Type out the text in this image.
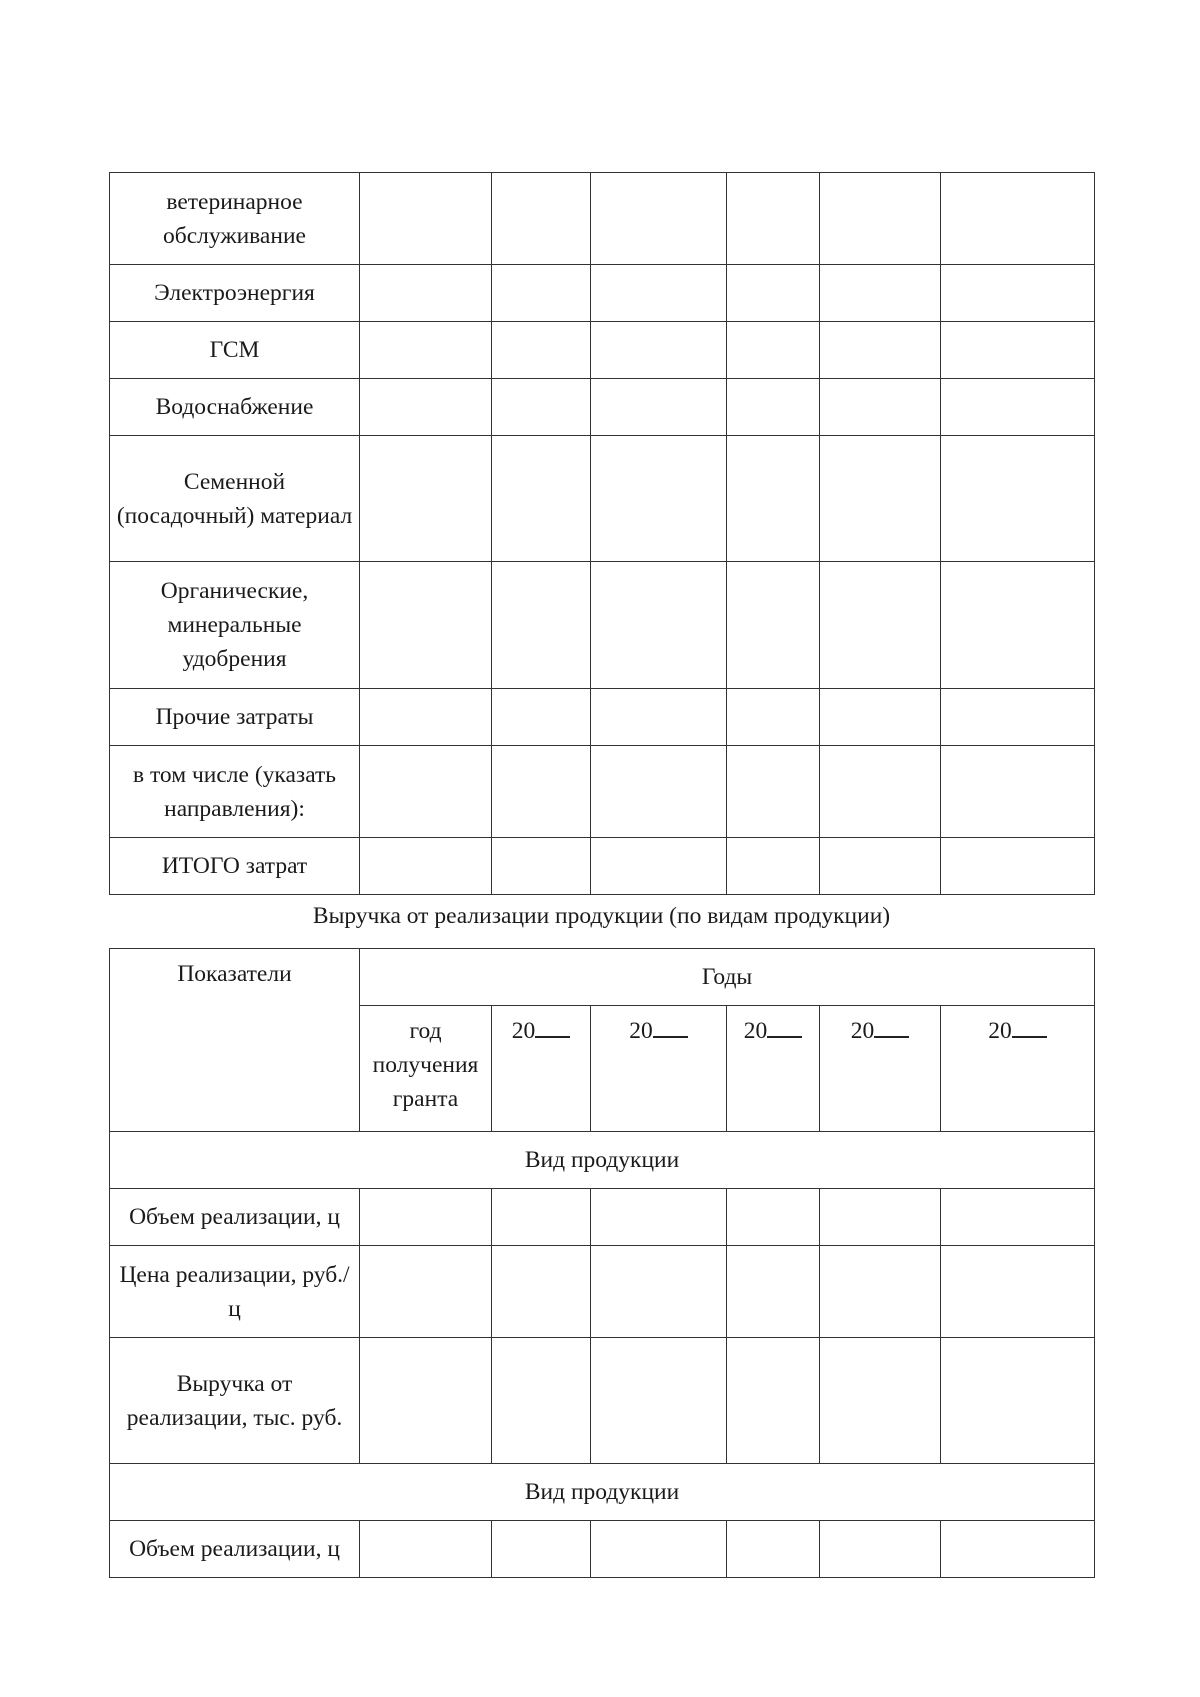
ветеринарное обслуживание						
Электроэнергия						
ГСМ						
Водоснабжение						
Семенной (посадочный) материал						
Органические, минеральные удобрения						
Прочие затраты						
в том числе (указать направления):						
ИТОГО затрат						
Выручка от реализации продукции (по видам продукции)
Показатели	Годы					
	год получения гранта	20	20	20	20	20
Вид продукции						
Объем реализации, ц						
Цена реализации, руб./ц						
Выручка от реализации, тыс. руб.						
Вид продукции						
Объем реализации, ц						
